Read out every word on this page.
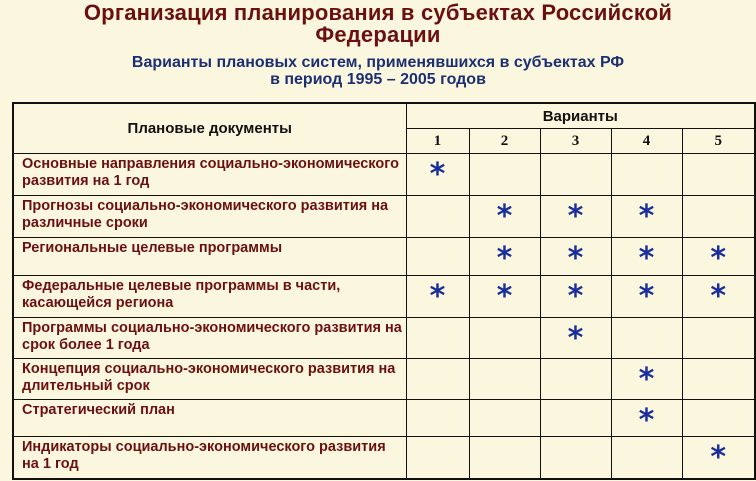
Организация планирования в субъектах Российской
Федерации
Варианты плановых систем, применявшихся в субъектах РФ
в период 1995 – 2005 годов
Плановые документы	Варианты				
	1	2	3	4	5
Основные направления социально-экономического развития на 1 год	*				
Прогнозы социально-экономического развития на различные сроки		*	*	*	
Региональные целевые программы		*	*	*	*
Федеральные целевые программы в части, касающейся региона	*	*	*	*	*
Программы социально-экономического развития на срок более 1 года			*		
Концепция социально-экономического развития на длительный срок				*	
Стратегический план				*	
Индикаторы социально-экономического развития на 1 год					*
